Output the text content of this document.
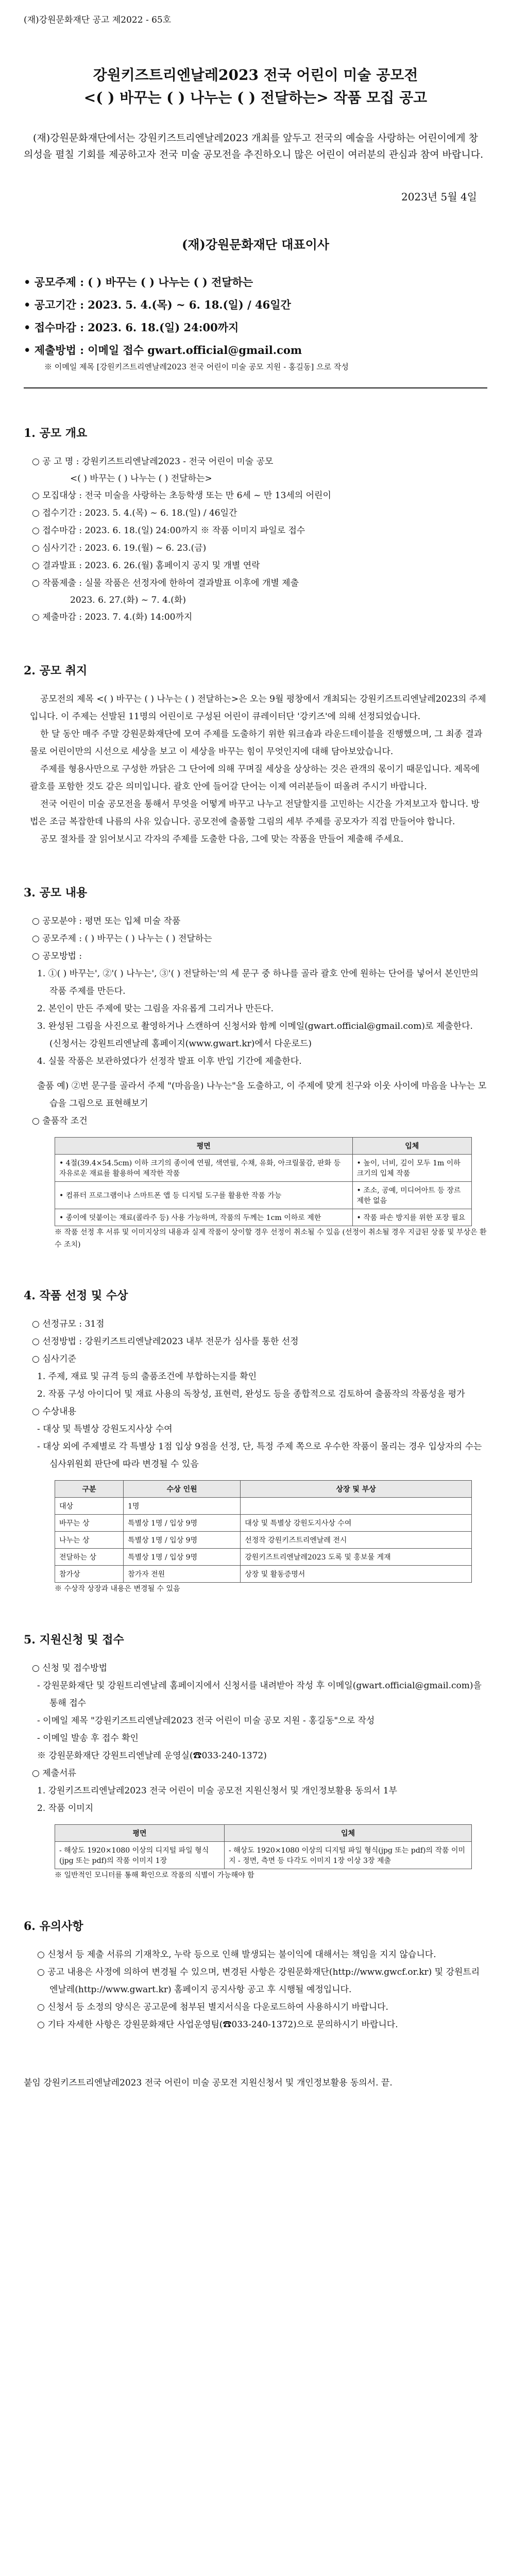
(재)강원문화재단 공고 제2022 - 65호
강원키즈트리엔날레2023 전국 어린이 미술 공모전
<( ) 바꾸는 ( ) 나누는 ( ) 전달하는> 작품 모집 공고
(재)강원문화재단에서는 강원키즈트리엔날레2023 개최를 앞두고 전국의 예술을 사랑하는 어린이에게 창의성을 펼칠 기회를 제공하고자 전국 미술 공모전을 추진하오니 많은 어린이 여러분의 관심과 참여 바랍니다.
2023년 5월 4일
(재)강원문화재단 대표이사
• 공모주제 : ( ) 바꾸는 ( ) 나누는 ( ) 전달하는
• 공고기간 : 2023. 5. 4.(목) ~ 6. 18.(일) / 46일간
• 접수마감 : 2023. 6. 18.(일) 24:00까지
• 제출방법 : 이메일 접수 gwart.official@gmail.com
※ 이메일 제목 [강원키즈트리엔날레2023 전국 어린이 미술 공모 지원 - 홍길동] 으로 작성
1. 공모 개요
○ 공 고 명 : 강원키즈트리엔날레2023 - 전국 어린이 미술 공모
<( ) 바꾸는 ( ) 나누는 ( ) 전달하는>
○ 모집대상 : 전국 미술을 사랑하는 초등학생 또는 만 6세 ~ 만 13세의 어린이
○ 접수기간 : 2023. 5. 4.(목) ~ 6. 18.(일) / 46일간
○ 접수마감 : 2023. 6. 18.(일) 24:00까지 ※ 작품 이미지 파일로 접수
○ 심사기간 : 2023. 6. 19.(월) ~ 6. 23.(금)
○ 결과발표 : 2023. 6. 26.(월) 홈페이지 공지 및 개별 연락
○ 작품제출 : 실물 작품은 선정자에 한하여 결과발표 이후에 개별 제출
2023. 6. 27.(화) ~ 7. 4.(화)
○ 제출마감 : 2023. 7. 4.(화) 14:00까지
2. 공모 취지
공모전의 제목 <( ) 바꾸는 ( ) 나누는 ( ) 전달하는>은 오는 9월 평창에서 개최되는 강원키즈트리엔날레2023의 주제입니다. 이 주제는 선발된 11명의 어린이로 구성된 어린이 큐레이터단 '강키즈'에 의해 선정되었습니다.
한 달 동안 매주 주말 강원문화재단에 모여 주제를 도출하기 위한 워크숍과 라운드테이블을 진행했으며, 그 최종 결과물로 어린이만의 시선으로 세상을 보고 이 세상을 바꾸는 힘이 무엇인지에 대해 담아보았습니다.
주제를 형용사만으로 구성한 까닭은 그 단어에 의해 꾸며질 세상을 상상하는 것은 관객의 몫이기 때문입니다. 제목에 괄호를 포함한 것도 같은 의미입니다. 괄호 안에 들어갈 단어는 이제 여러분들이 떠올려 주시기 바랍니다.
전국 어린이 미술 공모전을 통해서 무엇을 어떻게 바꾸고 나누고 전달할지를 고민하는 시간을 가져보고자 합니다. 방법은 조금 복잡한데 나름의 사유 있습니다. 공모전에 출품할 그림의 세부 주제를 공모자가 직접 만들어야 합니다.
공모 절차를 잘 읽어보시고 각자의 주제를 도출한 다음, 그에 맞는 작품을 만들어 제출해 주세요.
3. 공모 내용
○ 공모분야 : 평면 또는 입체 미술 작품
○ 공모주제 : ( ) 바꾸는 ( ) 나누는 ( ) 전달하는
○ 공모방법 :
1. ①( ) 바꾸는', ②'( ) 나누는', ③'( ) 전달하는'의 세 문구 중 하나를 골라 괄호 안에 원하는 단어를 넣어서 본인만의 작품 주제를 만든다.
2. 본인이 만든 주제에 맞는 그림을 자유롭게 그리거나 만든다.
3. 완성된 그림을 사진으로 촬영하거나 스캔하여 신청서와 함께 이메일(gwart.official@gmail.com)로 제출한다. (신청서는 강원트리엔날레 홈페이지(www.gwart.kr)에서 다운로드)
4. 실물 작품은 보관하였다가 선정작 발표 이후 반입 기간에 제출한다.
출품 예) ②번 문구를 골라서 주제 "(마음을) 나누는"을 도출하고, 이 주제에 맞게 친구와 이웃 사이에 마음을 나누는 모습을 그림으로 표현해보기
○ 출품작 조건
평면	입체
• 4절(39.4×54.5cm) 이하 크기의 종이에 연필, 색연필, 수채, 유화, 아크릴물감, 판화 등 자유로운 재료를 활용하여 제작한 작품	• 높이, 너비, 깊이 모두 1m 이하 크기의 입체 작품
• 컴퓨터 프로그램이나 스마트폰 앱 등 디지털 도구를 활용한 작품 가능	• 조소, 공예, 미디어아트 등 장르 제한 없음
• 종이에 덧붙이는 재료(콜라주 등) 사용 가능하며, 작품의 두께는 1cm 이하로 제한	• 작품 파손 방지를 위한 포장 필요
※ 작품 선정 후 서류 및 이미지상의 내용과 실제 작품이 상이할 경우 선정이 취소될 수 있음 (선정이 취소될 경우 지급된 상품 및 부상은 환수 조치)
4. 작품 선정 및 수상
○ 선정규모 : 31점
○ 선정방법 : 강원키즈트리엔날레2023 내부 전문가 심사를 통한 선정
○ 심사기준
1. 주제, 재료 및 규격 등의 출품조건에 부합하는지를 확인
2. 작품 구성 아이디어 및 재료 사용의 독창성, 표현력, 완성도 등을 종합적으로 검토하여 출품작의 작품성을 평가
○ 수상내용
- 대상 및 특별상 강원도지사상 수여
- 대상 외에 주제별로 각 특별상 1점 입상 9점을 선정, 단, 특정 주제 쪽으로 우수한 작품이 몰리는 경우 입상자의 수는 심사위원회 판단에 따라 변경될 수 있음
구분	수상 인원	상장 및 부상
대상	1명	
바꾸는 상	특별상 1명 / 입상 9명	대상 및 특별상 강원도지사상 수여
나누는 상	특별상 1명 / 입상 9명	선정작 강원키즈트리엔날레 전시
전달하는 상	특별상 1명 / 입상 9명	강원키즈트리엔날레2023 도록 및 홍보물 게재
참가상	참가자 전원	상장 및 활동증명서
※ 수상작 상장과 내용은 변경될 수 있음
5. 지원신청 및 접수
○ 신청 및 접수방법
- 강원문화재단 및 강원트리엔날레 홈페이지에서 신청서를 내려받아 작성 후 이메일(gwart.official@gmail.com)을 통해 접수
- 이메일 제목 "강원키즈트리엔날레2023 전국 어린이 미술 공모 지원 - 홍길동"으로 작성
- 이메일 발송 후 접수 확인
※ 강원문화재단 강원트리엔날레 운영실(☎033-240-1372)
○ 제출서류
1. 강원키즈트리엔날레2023 전국 어린이 미술 공모전 지원신청서 및 개인정보활용 동의서 1부
2. 작품 이미지
평면	입체
- 해상도 1920×1080 이상의 디지털 파일 형식(jpg 또는 pdf)의 작품 이미지 1장	- 해상도 1920×1080 이상의 디지털 파일 형식(jpg 또는 pdf)의 작품 이미지 - 정면, 측면 등 다각도 이미지 1장 이상 3장 제출
※ 일반적인 모니터를 통해 확인으로 작품의 식별이 가능해야 함
6. 유의사항
○ 신청서 등 제출 서류의 기재착오, 누락 등으로 인해 발생되는 불이익에 대해서는 책임을 지지 않습니다.
○ 공고 내용은 사정에 의하여 변경될 수 있으며, 변경된 사항은 강원문화재단(http://www.gwcf.or.kr) 및 강원트리엔날레(http://www.gwart.kr) 홈페이지 공지사항 공고 후 시행될 예정입니다.
○ 신청서 등 소정의 양식은 공고문에 첨부된 별지서식을 다운로드하여 사용하시기 바랍니다.
○ 기타 자세한 사항은 강원문화재단 사업운영팀(☎033-240-1372)으로 문의하시기 바랍니다.
붙임 강원키즈트리엔날레2023 전국 어린이 미술 공모전 지원신청서 및 개인정보활용 동의서. 끝.
